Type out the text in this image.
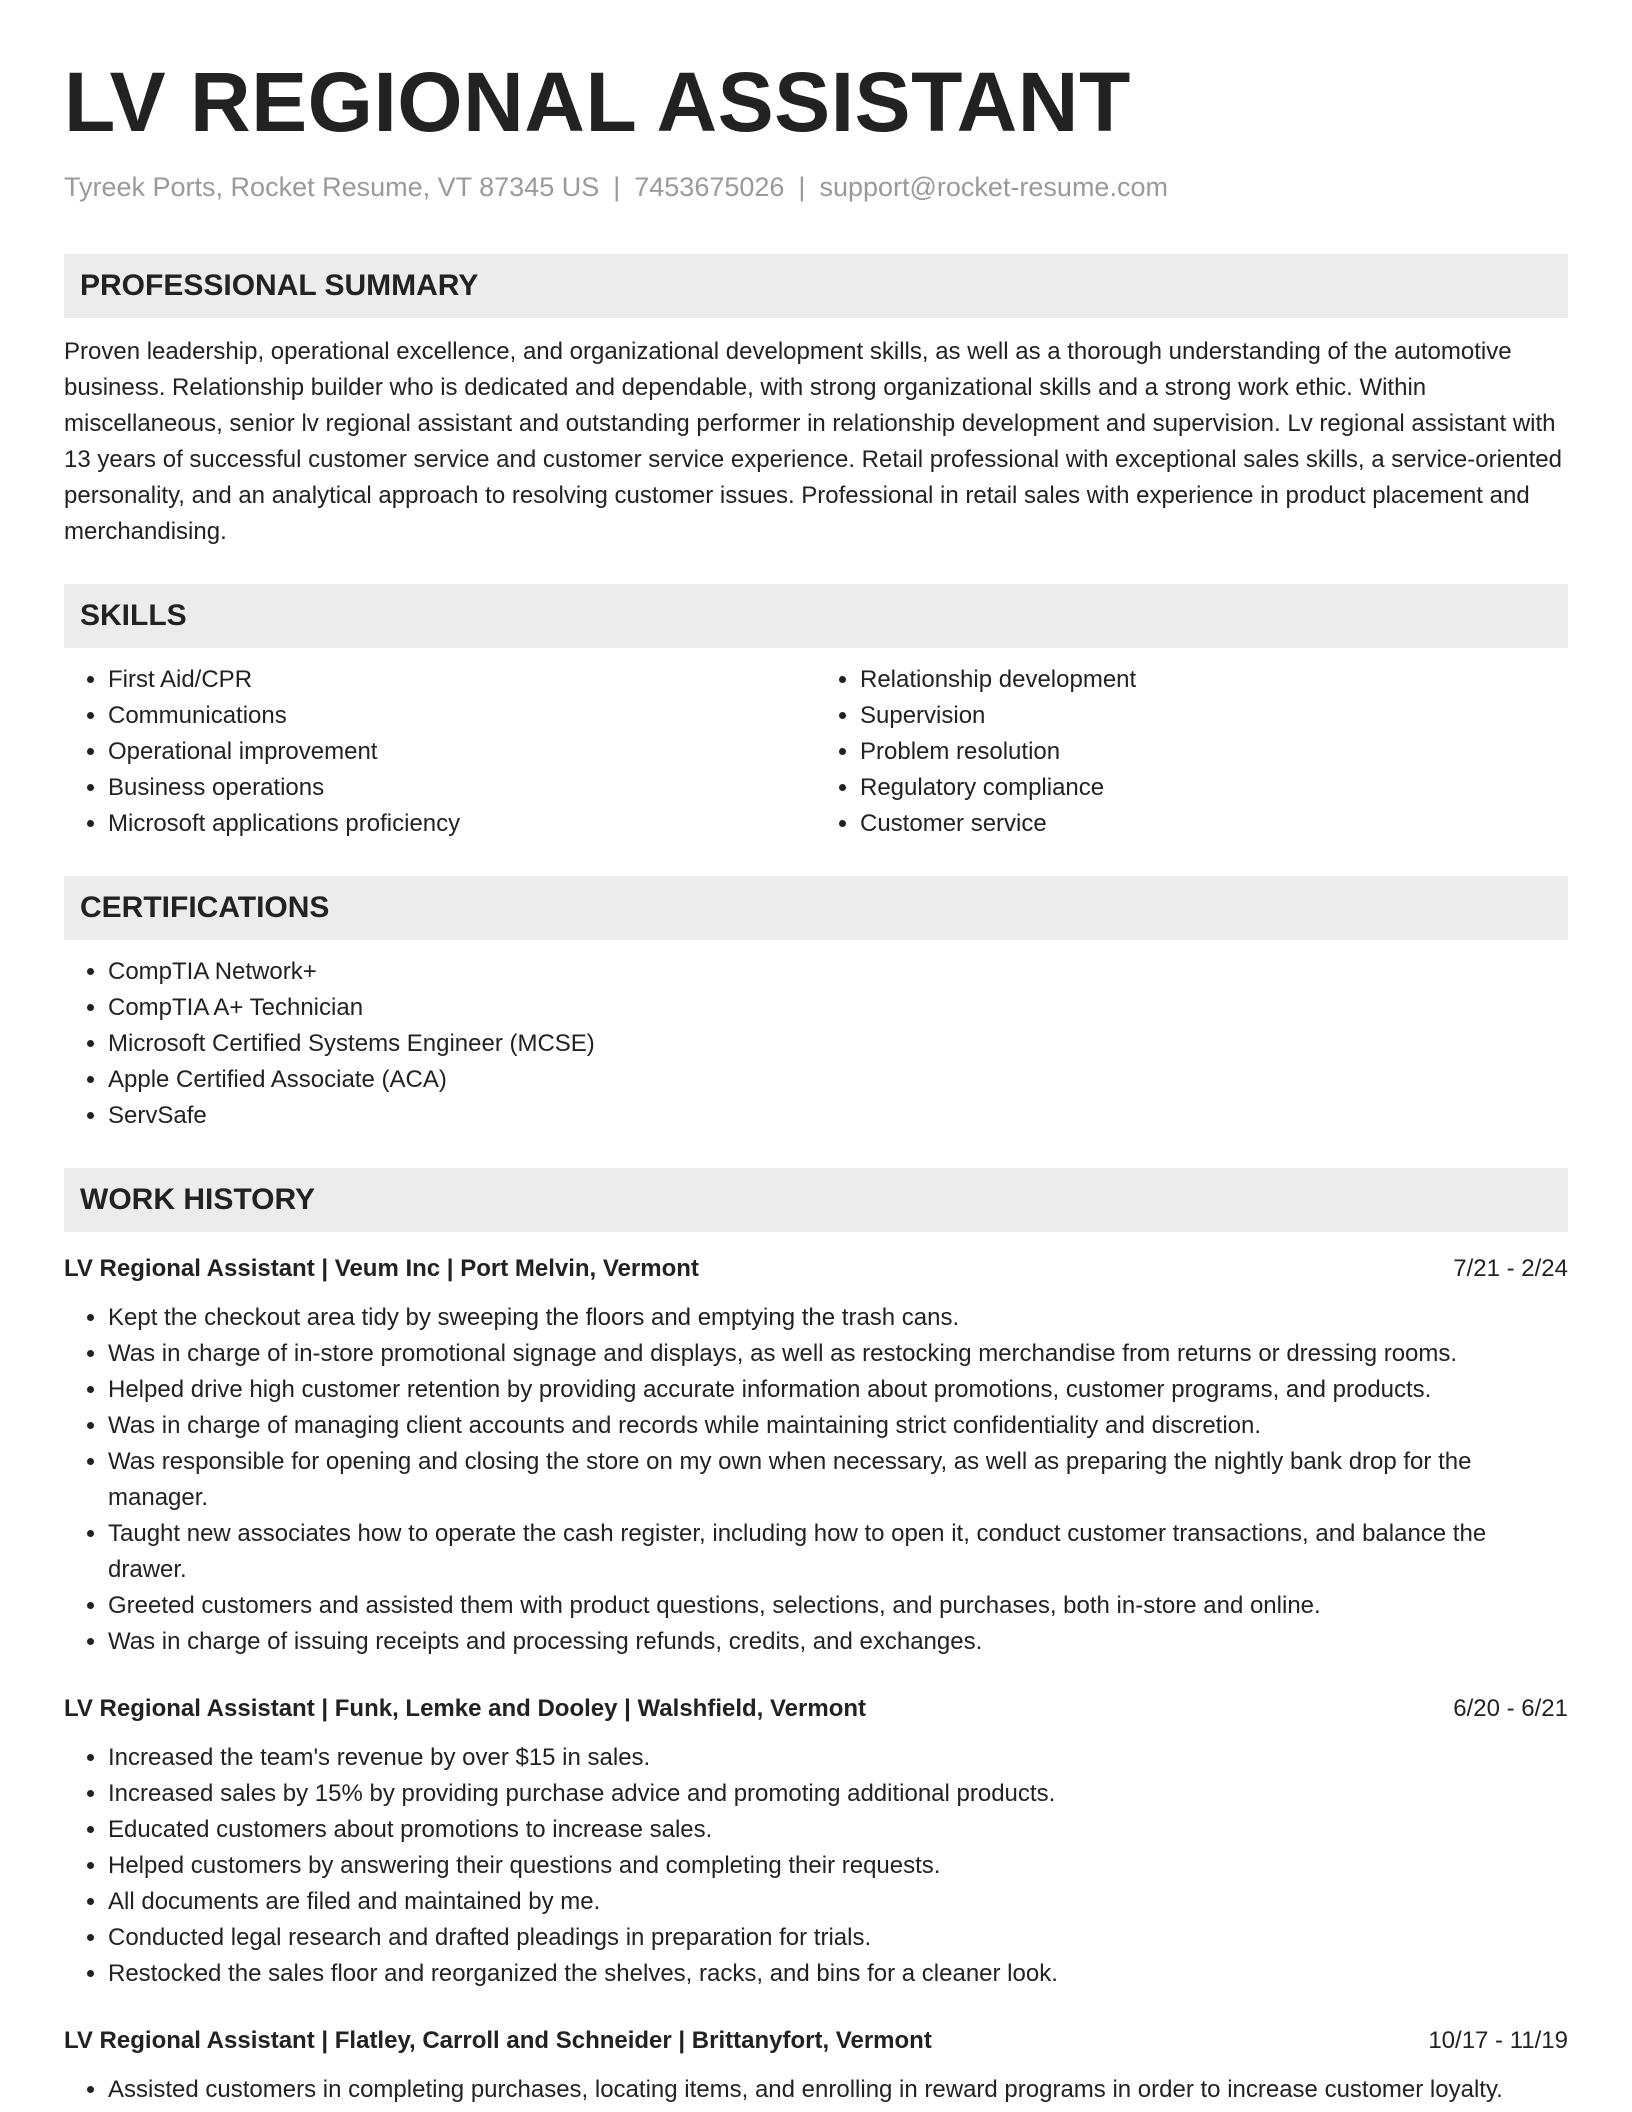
LV REGIONAL ASSISTANT
Tyreek Ports, Rocket Resume, VT 87345 US | 7453675026 | support@rocket-resume.com
PROFESSIONAL SUMMARY
Proven leadership, operational excellence, and organizational development skills, as well as a thorough understanding of the automotive business. Relationship builder who is dedicated and dependable, with strong organizational skills and a strong work ethic. Within miscellaneous, senior lv regional assistant and outstanding performer in relationship development and supervision. Lv regional assistant with 13 years of successful customer service and customer service experience. Retail professional with exceptional sales skills, a service-oriented personality, and an analytical approach to resolving customer issues. Professional in retail sales with experience in product placement and merchandising.
SKILLS
• First Aid/CPR
• Communications
• Operational improvement
• Business operations
• Microsoft applications proficiency
• Relationship development
• Supervision
• Problem resolution
• Regulatory compliance
• Customer service
CERTIFICATIONS
• CompTIA Network+
• CompTIA A+ Technician
• Microsoft Certified Systems Engineer (MCSE)
• Apple Certified Associate (ACA)
• ServSafe
WORK HISTORY
LV Regional Assistant | Veum Inc | Port Melvin, Vermont	7/21 - 2/24
• Kept the checkout area tidy by sweeping the floors and emptying the trash cans.
• Was in charge of in-store promotional signage and displays, as well as restocking merchandise from returns or dressing rooms.
• Helped drive high customer retention by providing accurate information about promotions, customer programs, and products.
• Was in charge of managing client accounts and records while maintaining strict confidentiality and discretion.
• Was responsible for opening and closing the store on my own when necessary, as well as preparing the nightly bank drop for the manager.
• Taught new associates how to operate the cash register, including how to open it, conduct customer transactions, and balance the drawer.
• Greeted customers and assisted them with product questions, selections, and purchases, both in-store and online.
• Was in charge of issuing receipts and processing refunds, credits, and exchanges.
LV Regional Assistant | Funk, Lemke and Dooley | Walshfield, Vermont	6/20 - 6/21
• Increased the team's revenue by over $15 in sales.
• Increased sales by 15% by providing purchase advice and promoting additional products.
• Educated customers about promotions to increase sales.
• Helped customers by answering their questions and completing their requests.
• All documents are filed and maintained by me.
• Conducted legal research and drafted pleadings in preparation for trials.
• Restocked the sales floor and reorganized the shelves, racks, and bins for a cleaner look.
LV Regional Assistant | Flatley, Carroll and Schneider | Brittanyfort, Vermont	10/17 - 11/19
• Assisted customers in completing purchases, locating items, and enrolling in reward programs in order to increase customer loyalty.
